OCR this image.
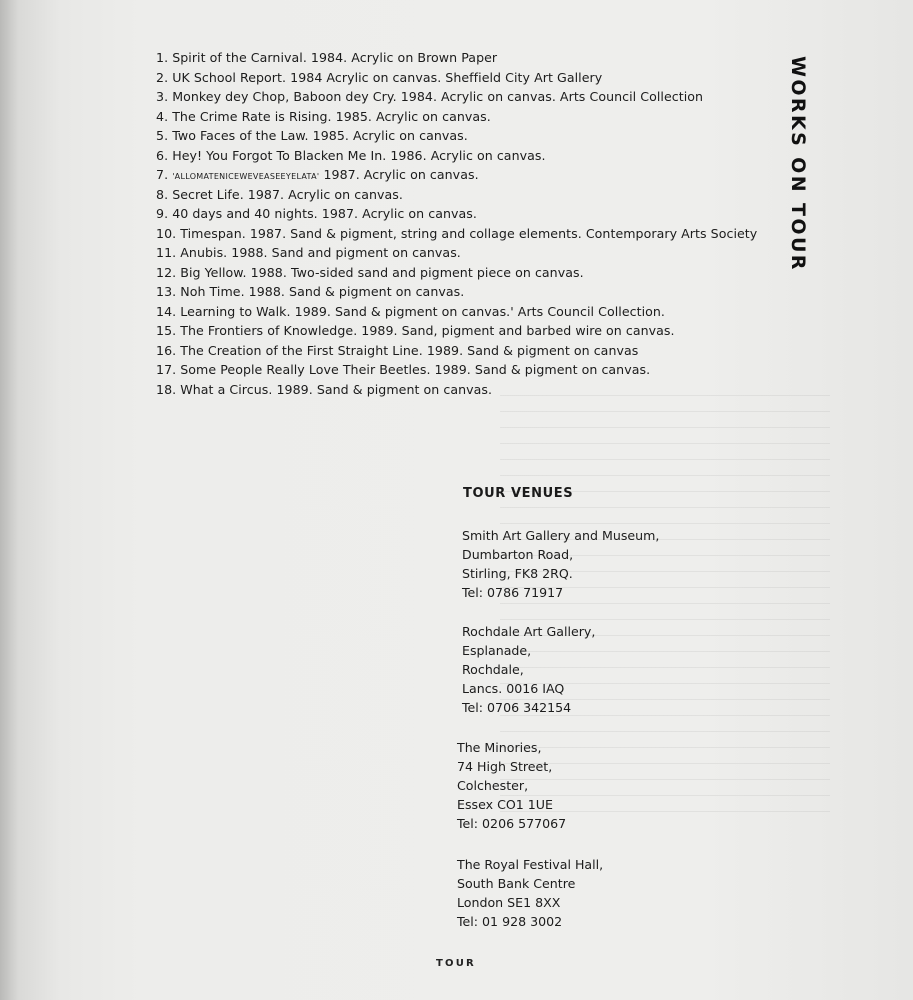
1. Spirit of the Carnival. 1984. Acrylic on Brown Paper
2. UK School Report. 1984 Acrylic on canvas. Sheffield City Art Gallery
3. Monkey dey Chop, Baboon dey Cry. 1984. Acrylic on canvas. Arts Council Collection
4. The Crime Rate is Rising. 1985. Acrylic on canvas.
5. Two Faces of the Law. 1985. Acrylic on canvas.
6. Hey! You Forgot To Blacken Me In. 1986. Acrylic on canvas.
7. 'ALLOMATENICEWEVEASEEYELATA' 1987. Acrylic on canvas.
8. Secret Life. 1987. Acrylic on canvas.
9. 40 days and 40 nights. 1987. Acrylic on canvas.
10. Timespan. 1987. Sand & pigment, string and collage elements. Contemporary Arts Society
11. Anubis. 1988. Sand and pigment on canvas.
12. Big Yellow. 1988. Two-sided sand and pigment piece on canvas.
13. Noh Time. 1988. Sand & pigment on canvas.
14. Learning to Walk. 1989. Sand & pigment on canvas.' Arts Council Collection.
15. The Frontiers of Knowledge. 1989. Sand, pigment and barbed wire on canvas.
16. The Creation of the First Straight Line. 1989. Sand & pigment on canvas
17. Some People Really Love Their Beetles. 1989. Sand & pigment on canvas.
18. What a Circus. 1989. Sand & pigment on canvas.
WORKS ON TOUR
TOUR VENUES
Smith Art Gallery and Museum,
Dumbarton Road,
Stirling, FK8 2RQ.
Tel: 0786 71917
Rochdale Art Gallery,
Esplanade,
Rochdale,
Lancs. 0016 IAQ
Tel: 0706 342154
The Minories,
74 High Street,
Colchester,
Essex CO1 1UE
Tel: 0206 577067
The Royal Festival Hall,
South Bank Centre
London SE1 8XX
Tel: 01 928 3002
TOUR
